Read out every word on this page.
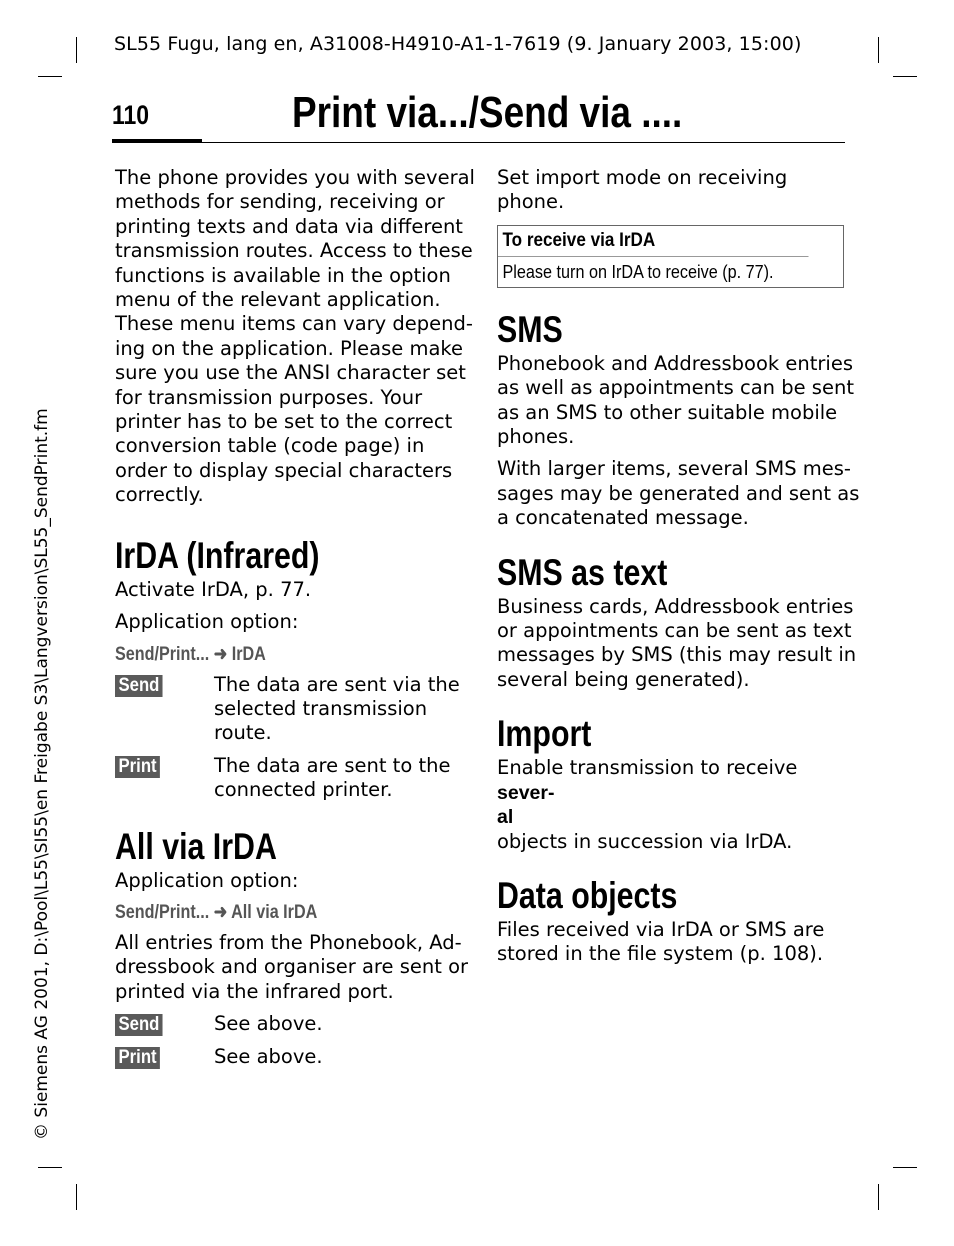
SL55 Fugu, lang en, A31008-H4910-A1-1-7619 (9. January 2003, 15:00)
110	Print via.../Send via ....
© Siemens AG 2001, D:\Pool\L55\SI55\en Freigabe S3\Langversion\SL55_SendPrint.fm

The phone provides you with several
methods for sending, receiving or
printing texts and data via different
transmission routes. Access to these
functions is available in the option
menu of the relevant application.
These menu items can vary depend-
ing on the application. Please make
sure you use the ANSI character set
for transmission purposes. Your
printer has to be set to the correct
conversion table (code page) in
order to display special characters
correctly.

IrDA (Infrared)

Activate IrDA, p. 77.

Application option:

Send/Print... ➜ IrDA
Send	The data are sent via the selected transmission route.
Print	The data are sent to the connected printer.
All via IrDA

Application option:

Send/Print... ➜ All via IrDA

All entries from the Phonebook, Ad-
dressbook and organiser are sent or
printed via the infrared port.

Send	See above.
Print	See above.

Set import mode on receiving
phone.

To receive via IrDA
Please turn on IrDA to receive (p. 77).
SMS

Phonebook and Addressbook entries
as well as appointments can be sent
as an SMS to other suitable mobile
phones.

With larger items, several SMS mes-
sages may be generated and sent as
a concatenated message.

SMS as text

Business cards, Addressbook entries
or appointments can be sent as text
messages by SMS (this may result in
several being generated).

Import

Enable transmission to receive
sever-
al
objects in succession via IrDA.

Data objects

Files received via IrDA or SMS are
stored in the file system (p. 108).
